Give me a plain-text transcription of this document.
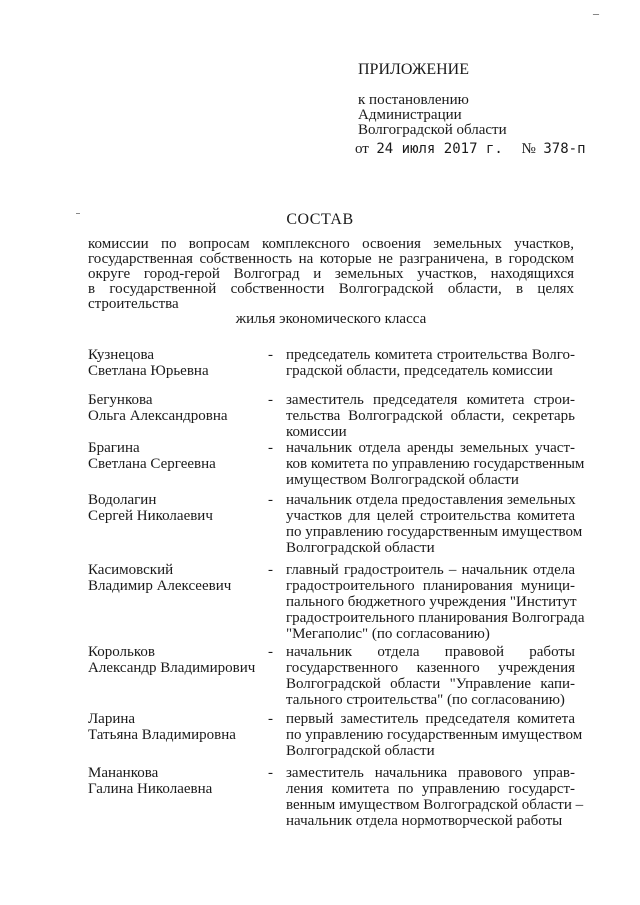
–
ПРИЛОЖЕНИЕ
к постановлению
Администрации
Волгоградской области
от 24 июля 2017 г. № 378-п
СОСТАВ
комиссии по вопросам комплексного освоения земельных участков,
государственная собственность на которые не разграничена, в городском
округе город-герой Волгоград и земельных участков, находящихся
в государственной собственности Волгоградской области, в целях строительства
жилья экономического класса
Кузнецова
Светлана Юрьевна
- председатель комитета строительства Волго-
градской области, председатель комиссии
Бегункова
Ольга Александровна
- заместитель председателя комитета строи-
тельства Волгоградской области, секретарь
комиссии
Брагина
Светлана Сергеевна
- начальник отдела аренды земельных участ-
ков комитета по управлению государственным
имуществом Волгоградской области
Водолагин
Сергей Николаевич
- начальник отдела предоставления земельных
участков для целей строительства комитета
по управлению государственным имуществом
Волгоградской области
Касимовский
Владимир Алексеевич
- главный градостроитель – начальник отдела
градостроительного планирования муници-
пального бюджетного учреждения "Институт
градостроительного планирования Волгограда
"Мегаполис" (по согласованию)
Корольков
Александр Владимирович
- начальник отдела правовой работы
государственного казенного учреждения
Волгоградской области "Управление капи-
тального строительства" (по согласованию)
Ларина
Татьяна Владимировна
- первый заместитель председателя комитета
по управлению государственным имуществом
Волгоградской области
Мананкова
Галина Николаевна
- заместитель начальника правового управ-
ления комитета по управлению государст-
венным имуществом Волгоградской области –
начальник отдела нормотворческой работы
